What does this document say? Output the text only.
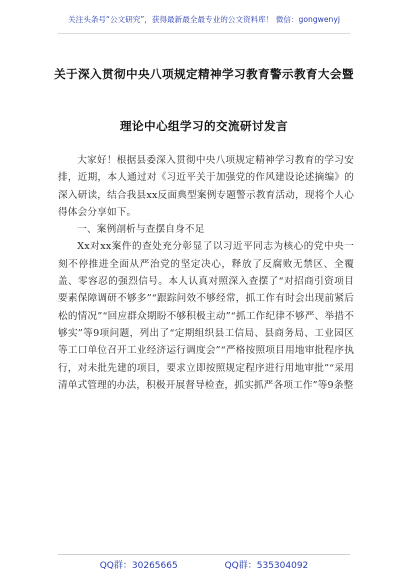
关注头条号“公文研究”，获得最新最全最专业的公文资料库！ 微信：gongwenyj
关于深入贯彻中央八项规定精神学习教育警示教育大会暨
理论中心组学习的交流研讨发言

大家好！根据县委深入贯彻中央八项规定精神学习教育的学习安排，近期，本人通过对《习近平关于加强党的作风建设论述摘编》的深入研读，结合我县xx反面典型案例专题警示教育活动，现将个人心得体会分享如下。

一、案例剖析与查摆自身不足

Xx对xx案件的查处充分彰显了以习近平同志为核心的党中央一刻不停推进全面从严治党的坚定决心，释放了反腐败无禁区、全覆盖、零容忍的强烈信号。本人认真对照深入查摆了“对招商引资项目要素保障调研不够多”“跟踪问效不够经常，抓工作有时会出现前紧后松的情况”“回应群众期盼不够积极主动”“抓工作纪律不够严、举措不够实”等9项问题，列出了“定期组织县工信局、县商务局、工业园区等工口单位召开工业经济运行调度会”“严格按照项目用地审批程序执行，对未批先建的项目，要求立即按照规定程序进行用地审批”“采用清单式管理的办法，积极开展督导检查，抓实抓严各项工作”等9条整

QQ群：30265665	QQ群：535304092
